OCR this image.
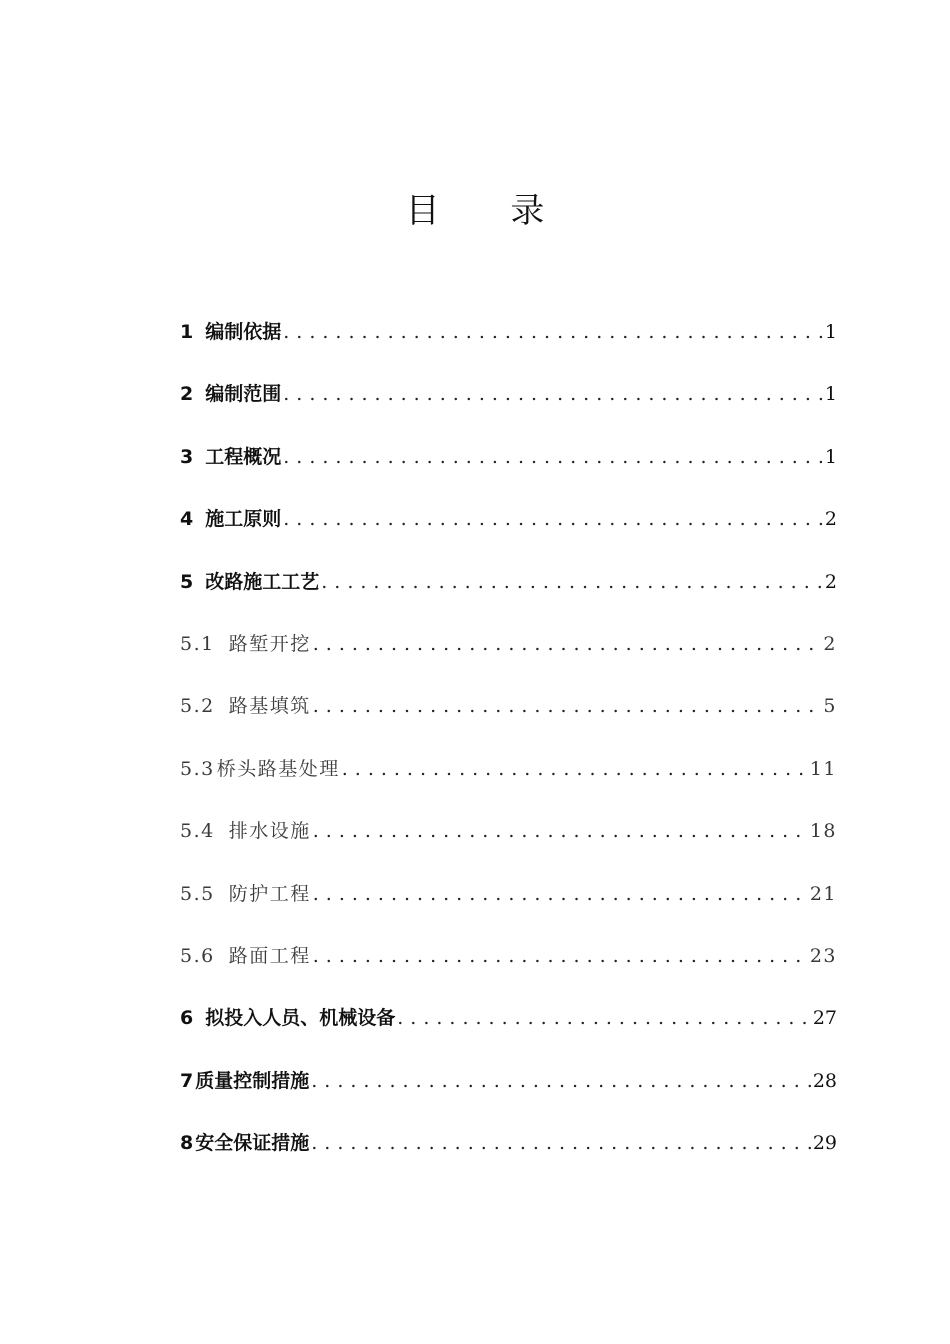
目 录
1 编制依据 .....	1
2 编制范围 .....	1
3 工程概况 .....	1
4 施工原则 .....	2
5 改路施工工艺 .....	2
5.1 路堑开挖 .....	2
5.2 路基填筑 .....	5
5.3 桥头路基处理 .....	11
5.4 排水设施 .....	18
5.5 防护工程 .....	21
5.6 路面工程 .....	23
6 拟投入人员、机械设备 .....	27
7 质量控制措施 .....	28
8 安全保证措施 .....	29
